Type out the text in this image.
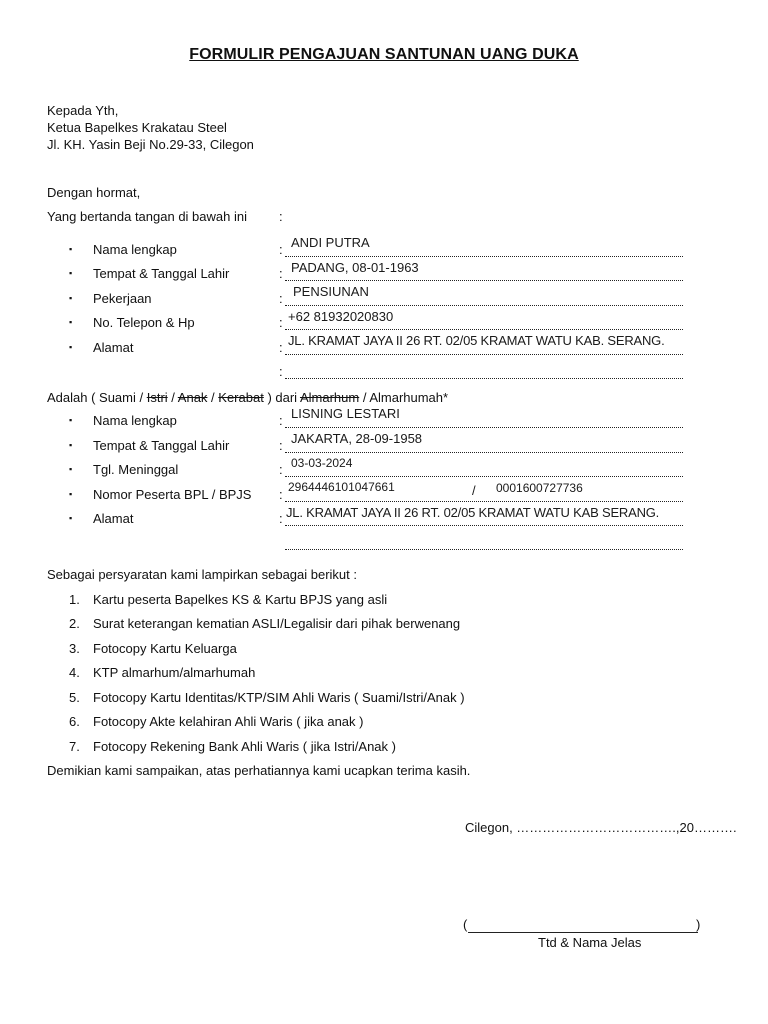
FORMULIR PENGAJUAN SANTUNAN UANG DUKA
Kepada Yth,
Ketua Bapelkes Krakatau Steel
Jl. KH. Yasin Beji No.29-33, Cilegon
Dengan hormat,
Yang bertanda tangan di bawah ini :
▪ Nama lengkap	: ANDI PUTRA
▪ Tempat & Tanggal Lahir	: PADANG, 08-01-1963
▪ Pekerjaan	: PENSIUNAN
▪ No. Telepon & Hp	: +62 81932020830
▪ Alamat	: JL. KRAMAT JAYA II 26 RT. 02/05 KRAMAT WATU KAB. SERANG.
:
Adalah ( Suami / Istri / Anak / Kerabat ) dari Almarhum / Almarhumah*
▪ Nama lengkap	: LISNING LESTARI
▪ Tempat & Tanggal Lahir	: JAKARTA, 28-09-1958
▪ Tgl. Meninggal	: 03-03-2024
▪ Nomor Peserta BPL / BPJS : 2964446101047661	/ 0001600727736
▪ Alamat	: JL. KRAMAT JAYA II 26 RT. 02/05 KRAMAT WATU KAB SERANG.
Sebagai persyaratan kami lampirkan sebagai berikut :
1. Kartu peserta Bapelkes KS & Kartu BPJS yang asli
2. Surat keterangan kematian ASLI/Legalisir dari pihak berwenang
3. Fotocopy Kartu Keluarga
4. KTP almarhum/almarhumah
5. Fotocopy Kartu Identitas/KTP/SIM Ahli Waris ( Suami/Istri/Anak )
6. Fotocopy Akte kelahiran Ahli Waris ( jika anak )
7. Fotocopy Rekening Bank Ahli Waris ( jika Istri/Anak )
Demikian kami sampaikan, atas perhatiannya kami ucapkan terima kasih.
Cilegon, ……………………………….,20……….
(	)
Ttd & Nama Jelas
